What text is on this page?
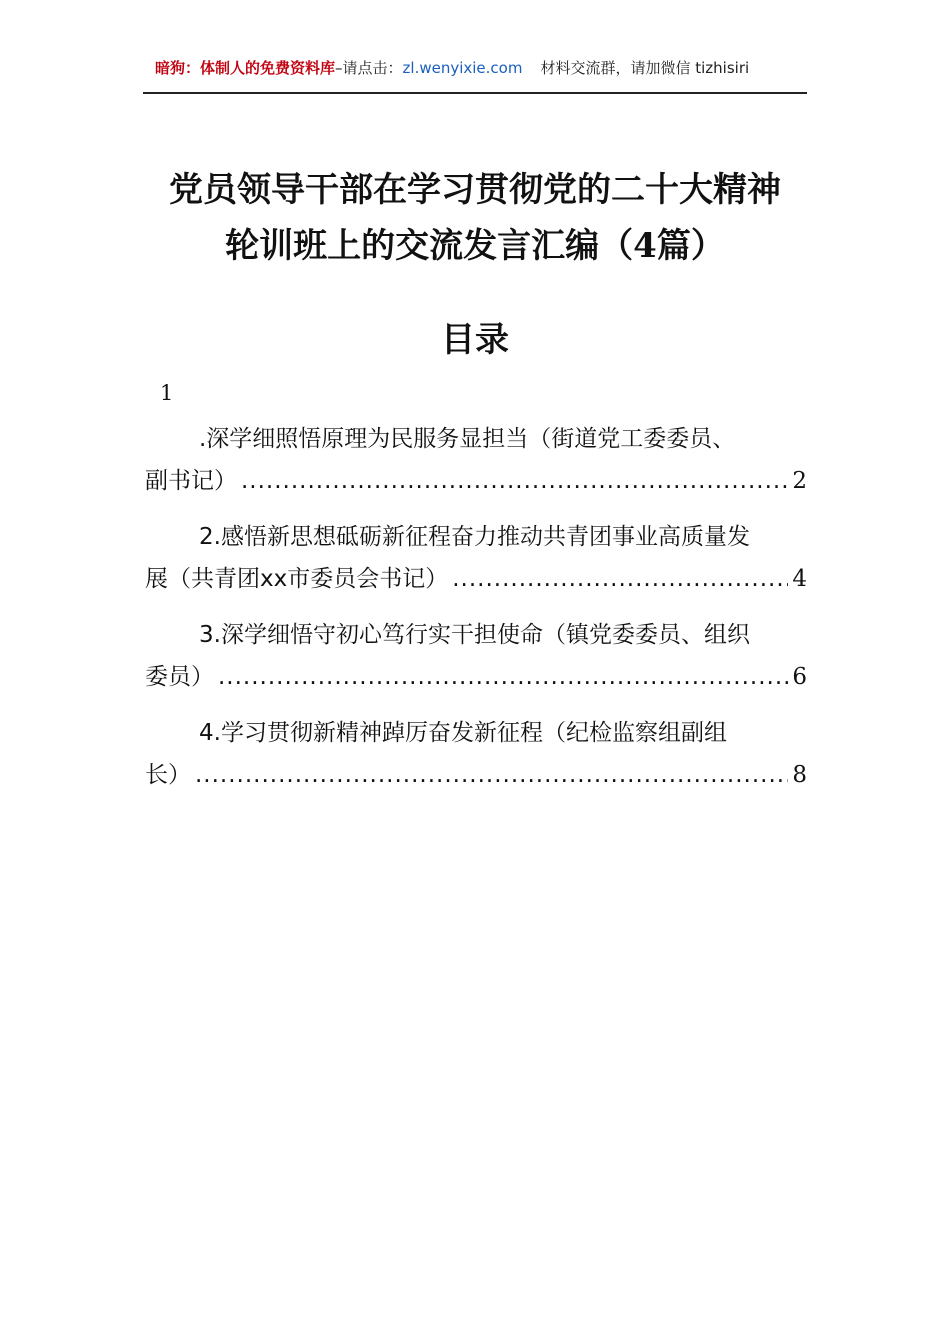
暗狗：体制人的免费资料库–请点击：zl.wenyixie.com 材料交流群，请加微信 tizhisiri
党员领导干部在学习贯彻党的二十大精神
轮训班上的交流发言汇编（4篇）
目录
1
.深学细照悟原理为民服务显担当（街道党工委委员、
副书记） .....	2
2.感悟新思想砥砺新征程奋力推动共青团事业高质量发
展（共青团xx市委员会书记） .....	4
3.深学细悟守初心笃行实干担使命（镇党委委员、组织
委员） .....	6
4.学习贯彻新精神踔厉奋发新征程（纪检监察组副组
长） .....	8
